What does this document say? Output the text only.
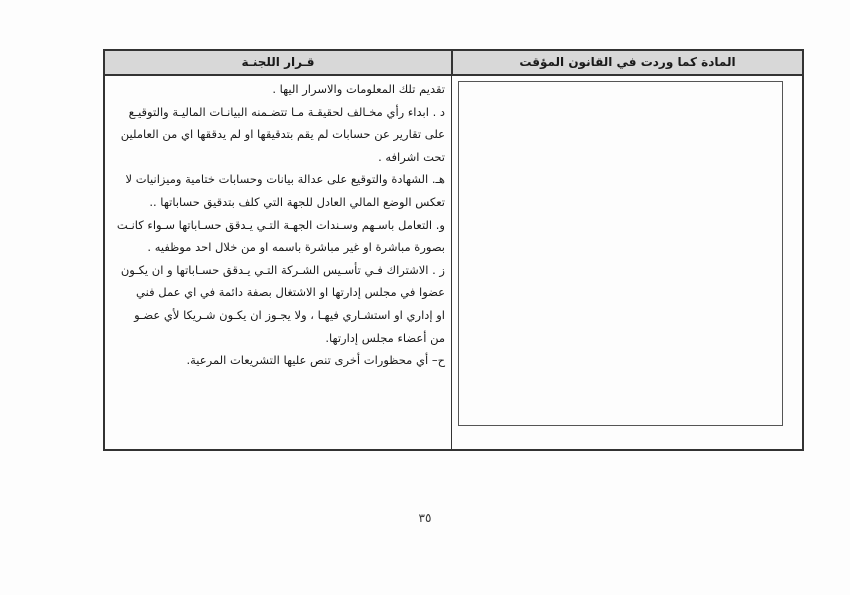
المادة كما وردت في القانون المؤقت
قـرار اللجنـة

تقديم تلك المعلومات والاسرار اليها .

د . ابداء رأي مخـالف لحقيقـة مـا تتضـمنه البيانـات الماليـة والتوقيـع

على تقارير عن حسابات لم يقم بتدقيقها او لم يدققها اي من العاملين

تحت اشرافه .

هـ. الشهادة والتوقيع على عدالة بيانات وحسابات ختامية وميزانيات لا

تعكس الوضع المالي العادل للجهة التي كلف بتدقيق حساباتها ..

و. التعامل باسـهم وسـندات الجهـة التـي يـدقق حسـاباتها سـواء كانـت

بصورة مباشرة او غير مباشرة باسمه او من خلال احد موظفيه .

ز . الاشتراك فـي تأسـيس الشـركة التـي يـدقق حسـاباتها و ان يكـون

عضوا في مجلس إدارتها او الاشتغال بصفة دائمة في اي عمل فني

او إداري او استشـاري فيهـا ، ولا يجـوز ان يكـون شـريكا لأي عضـو

من أعضاء مجلس إدارتها.

ح– أي محظورات أخرى تنص عليها التشريعات المرعية.

٣٥
